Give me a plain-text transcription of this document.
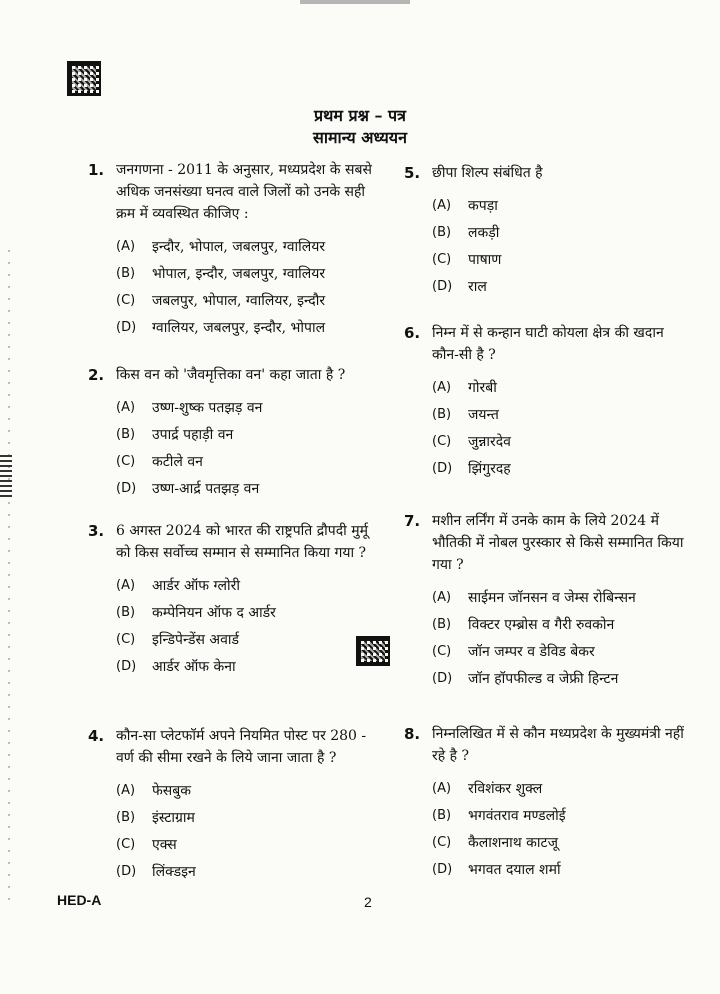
प्रथम प्रश्न – पत्र
सामान्य अध्ययन
1. जनगणना - 2011 के अनुसार, मध्यप्रदेश के सबसे अधिक जनसंख्या घनत्व वाले जिलों को उनके सही क्रम में व्यवस्थित कीजिए :
(A)	इन्दौर, भोपाल, जबलपुर, ग्वालियर
(B)	भोपाल, इन्दौर, जबलपुर, ग्वालियर
(C)	जबलपुर, भोपाल, ग्वालियर, इन्दौर
(D)	ग्वालियर, जबलपुर, इन्दौर, भोपाल
2. किस वन को 'जैवमृत्तिका वन' कहा जाता है ?
(A)	उष्ण-शुष्क पतझड़ वन
(B)	उपार्द्र पहाड़ी वन
(C)	कटीले वन
(D)	उष्ण-आर्द्र पतझड़ वन
3. 6 अगस्त 2024 को भारत की राष्ट्रपति द्रौपदी मुर्मू को किस सर्वोच्च सम्मान से सम्मानित किया गया ?
(A)	आर्डर ऑफ ग्लोरी
(B)	कम्पेनियन ऑफ द आर्डर
(C)	इन्डिपेन्डेंस अवार्ड
(D)	आर्डर ऑफ केना
4. कौन-सा प्लेटफॉर्म अपने नियमित पोस्ट पर 280 - वर्ण की सीमा रखने के लिये जाना जाता है ?
(A)	फेसबुक
(B)	इंस्टाग्राम
(C)	एक्स
(D)	लिंक्डइन
5. छीपा शिल्प संबंधित है
(A)	कपड़ा
(B)	लकड़ी
(C)	पाषाण
(D)	राल
6. निम्न में से कन्हान घाटी कोयला क्षेत्र की खदान कौन-सी है ?
(A)	गोरबी
(B)	जयन्त
(C)	जुन्नारदेव
(D)	झिंगुरदह
7. मशीन लर्निंग में उनके काम के लिये 2024 में भौतिकी में नोबल पुरस्कार से किसे सम्मानित किया गया ?
(A)	साईमन जॉनसन व जेम्स रोबिन्सन
(B)	विक्टर एम्ब्रोस व गैरी रुवकोन
(C)	जॉन जम्पर व डेविड बेकर
(D)	जॉन हॉपफील्ड व जेफ्री हिन्टन
8. निम्नलिखित में से कौन मध्यप्रदेश के मुख्यमंत्री नहीं रहे है ?
(A)	रविशंकर शुक्ल
(B)	भगवंतराव मण्डलोई
(C)	कैलाशनाथ काटजू
(D)	भगवत दयाल शर्मा
HED-A	2
